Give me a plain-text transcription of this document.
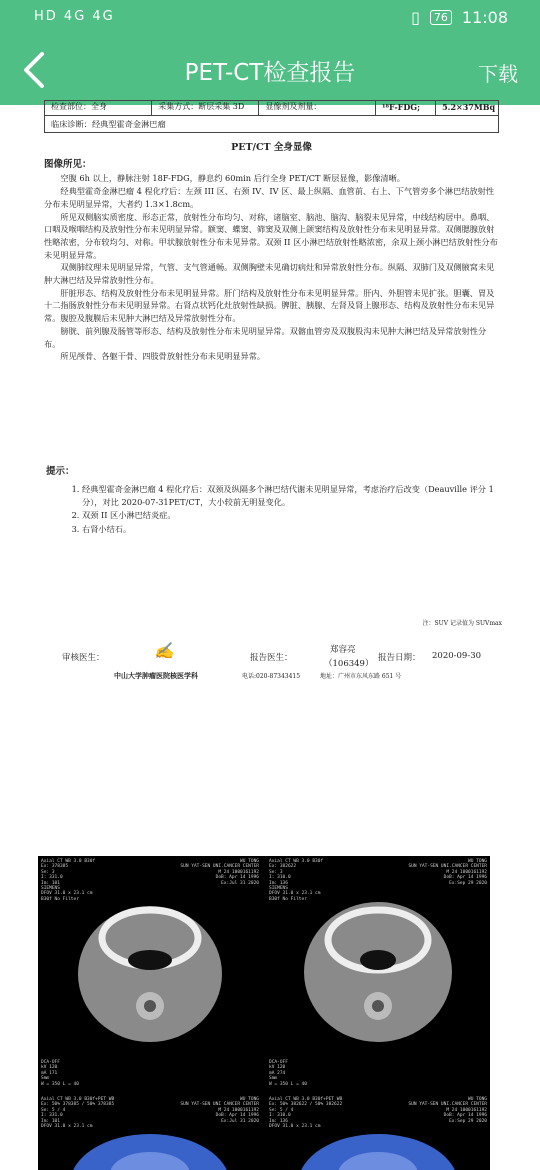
HD 4G 4G	▯	76 11:08
PET-CT检查报告	下载
检查部位：全身	采集方式：断层采集 3D	显像剂及剂量：	¹⁸F-FDG;	5.2×37MBq
临床诊断：经典型霍奇金淋巴瘤
PET/CT 全身显像
图像所见：

空腹 6h 以上，静脉注射 18F-FDG，静息约 60min 后行全身 PET/CT 断层显像，影像清晰。

经典型霍奇金淋巴瘤 4 程化疗后：左颈 III 区、右颈 IV、IV 区、最上纵隔、血管前、右上、下气管旁多个淋巴结放射性分布未见明显异常，大者约 1.3×1.8cm。

所见双侧脑实质密度、形态正常，放射性分布均匀、对称，诸脑室、脑池、脑沟、脑裂未见异常，中线结构居中。鼻咽、口咽及喉咽结构及放射性分布未见明显异常。额窦、蝶窦、筛窦及双侧上颌窦结构及放射性分布未见明显异常。双侧腮腺放射性略浓密，分布较均匀、对称。甲状腺放射性分布未见异常。双颈 II 区小淋巴结放射性略浓密，余双上颈小淋巴结放射性分布未见明显异常。

双侧肺纹理未见明显异常，气管、支气管通畅。双侧胸壁未见确切病灶和异常放射性分布。纵隔、双肺门及双侧腋窝未见肿大淋巴结及异常放射性分布。

肝脏形态、结构及放射性分布未见明显异常。肝门结构及放射性分布未见明显异常。肝内、外胆管未见扩张。胆囊、胃及十二指肠放射性分布未见明显异常。右肾点状钙化灶放射性缺损。脾脏、胰腺、左肾及肾上腺形态、结构及放射性分布未见异常。腹腔及腹膜后未见肿大淋巴结及异常放射性分布。

膀胱、前列腺及肠管等形态、结构及放射性分布未见明显异常。双髂血管旁及双腹股沟未见肿大淋巴结及异常放射性分布。

所见颅骨、各躯干骨、四肢骨放射性分布未见明显异常。

提示：
1. 经典型霍奇金淋巴瘤 4 程化疗后：双颈及纵隔多个淋巴结代谢未见明显异常，考虑治疗后改变（Deauville 评分 1 分），对比 2020-07-31PET/CT，大小较前无明显变化。
2. 双颈 II 区小淋巴结炎症。
3. 右肾小结石。
注：SUV 记录值为 SUVmax
审核医生：	✍	报告医生：
郑容亮
（106349）
报告日期： 2020-09-30
中山大学肿瘤医院核医学科	电话:020-87343415	地址：广州市东风东路 651 号
Axial CT WB 3.0 B30f
Ex: 378385
Se: 3
I: 331.0
Im: 101
SIEMENS
DFOV 31.0 x 23.1 cm
B30f No Filter
WU TONG
SUN YAT-SEN UNI.CANCER CENTER
M 24 1000161192
DoB: Apr 14 1996
Ex:Jul 31 2020
DCA-OFF
kV 120
mA 171
Smm
W = 350 L = 40
Axial CT WB 3.0 B30f
Ex: 382622
Se: 3
I: 310.0
Im: 136
SIEMENS
DFOV 31.0 x 23.1 cm
B30f No Filter
WU TONG
SUN YAT-SEN UNI.CANCER CENTER
M 24 1000161192
DoB: Apr 14 1996
Ex:Sep 29 2020
DCA-OFF
kV 120
mA 274
Smm
W = 350 L = 40
Axial CT WB 3.0 B30f+PET WB
Ex: 50% 378385 / 50% 378385
Se: 5 / 4
I: 331.0
Im: 101
DFOV 31.0 x 23.1 cm
WU TONG
SUN YAT-SEN UNI CANCER CENTER
M 24 1000161192
DoB: Apr 14 1996
Ex:Jul 31 2020
Axial CT WB 3.0 B30f+PET WB
Ex: 50% 382622 / 50% 382622
Se: 5 / 4
I: 310.0
Im: 136
DFOV 31.0 x 23.1 cm
WU TONG
SUN YAT-SEN UNI.CANCER CENTER
M 24 1000161192
DoB: Apr 14 1996
Ex:Sep 29 2020
